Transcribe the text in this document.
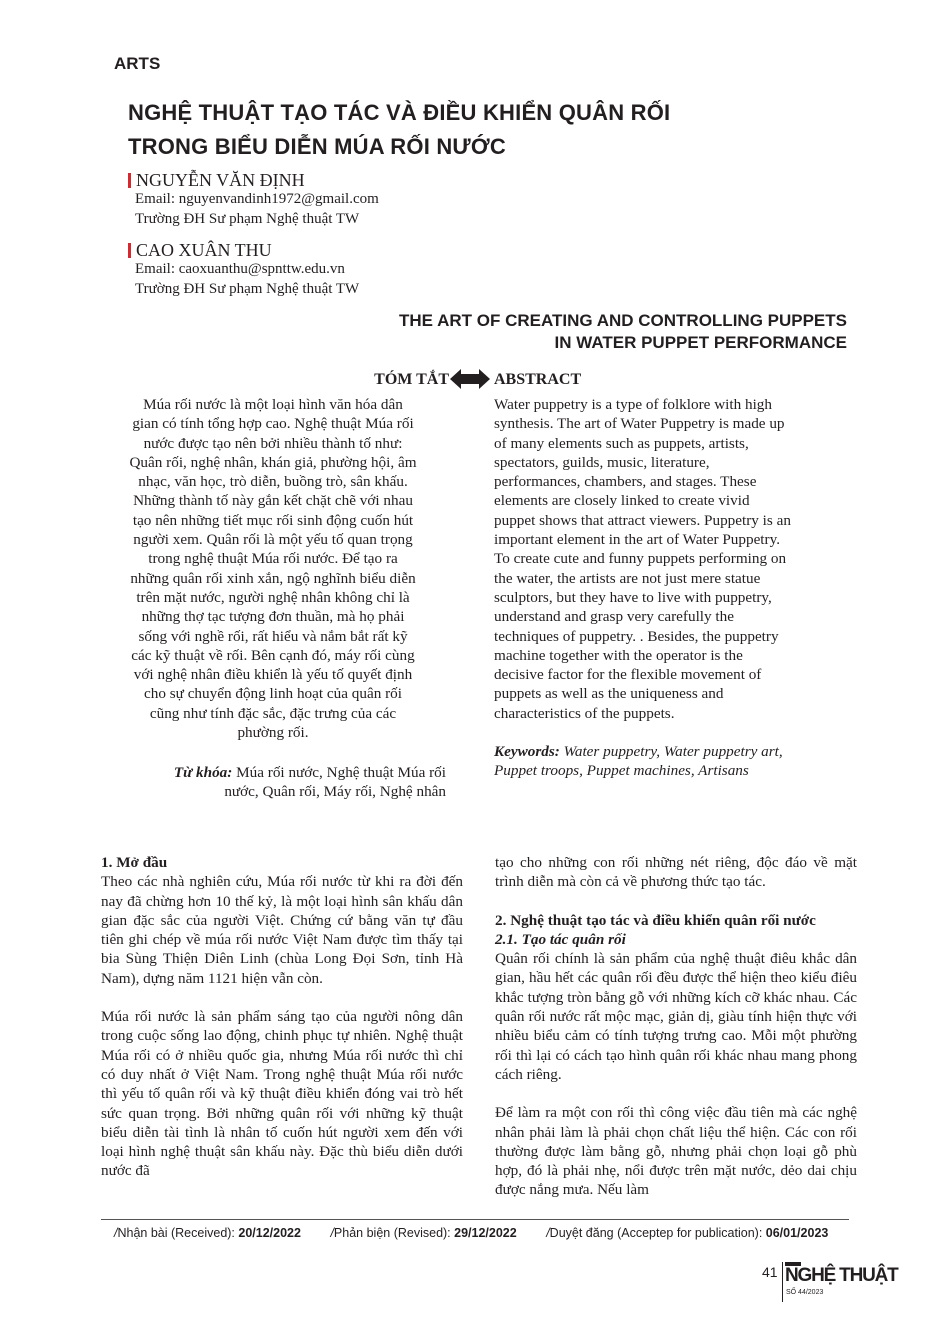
ARTS
NGHỆ THUẬT TẠO TÁC VÀ ĐIỀU KHIỂN QUÂN RỐI
TRONG BIỂU DIỄN MÚA RỐI NƯỚC
NGUYỄN VĂN ĐỊNH
Email: nguyenvandinh1972@gmail.com
Trường ĐH Sư phạm Nghệ thuật TW
CAO XUÂN THU
Email: caoxuanthu@spnttw.edu.vn
Trường ĐH Sư phạm Nghệ thuật TW
THE ART OF CREATING AND CONTROLLING PUPPETS
IN WATER PUPPET PERFORMANCE
TÓM TẮT	ABSTRACT
Múa rối nước là một loại hình văn hóa dân
gian có tính tổng hợp cao. Nghệ thuật Múa rối
nước được tạo nên bởi nhiều thành tố như:
Quân rối, nghệ nhân, khán giả, phường hội, âm
nhạc, văn học, trò diễn, buồng trò, sân khấu.
Những thành tố này gắn kết chặt chẽ với nhau
tạo nên những tiết mục rối sinh động cuốn hút
người xem. Quân rối là một yếu tố quan trọng
trong nghệ thuật Múa rối nước. Để tạo ra
những quân rối xinh xắn, ngộ nghĩnh biểu diễn
trên mặt nước, người nghệ nhân không chỉ là
những thợ tạc tượng đơn thuần, mà họ phải
sống với nghề rối, rất hiểu và nắm bắt rất kỹ
các kỹ thuật về rối. Bên cạnh đó, máy rối cùng
với nghệ nhân điều khiển là yếu tố quyết định
cho sự chuyển động linh hoạt của quân rối
cũng như tính đặc sắc, đặc trưng của các
phường rối.
Từ khóa: Múa rối nước, Nghệ thuật Múa rối
nước, Quân rối, Máy rối, Nghệ nhân
Water puppetry is a type of folklore with high
synthesis. The art of Water Puppetry is made up
of many elements such as puppets, artists,
spectators, guilds, music, literature,
performances, chambers, and stages. These
elements are closely linked to create vivid
puppet shows that attract viewers. Puppetry is an
important element in the art of Water Puppetry.
To create cute and funny puppets performing on
the water, the artists are not just mere statue
sculptors, but they have to live with puppetry,
understand and grasp very carefully the
techniques of puppetry. . Besides, the puppetry
machine together with the operator is the
decisive factor for the flexible movement of
puppets as well as the uniqueness and
characteristics of the puppets.
Keywords: Water puppetry, Water puppetry art,
Puppet troops, Puppet machines, Artisans

1. Mở đầu

Theo các nhà nghiên cứu, Múa rối nước từ khi ra đời đến nay đã chừng hơn 10 thế kỷ, là một loại hình sân khấu dân gian đặc sắc của người Việt. Chứng cứ bằng văn tự đầu tiên ghi chép về múa rối nước Việt Nam được tìm thấy tại bia Sùng Thiện Diên Linh (chùa Long Đọi Sơn, tỉnh Hà Nam), dựng năm 1121 hiện vẫn còn.

Múa rối nước là sản phẩm sáng tạo của người nông dân trong cuộc sống lao động, chinh phục tự nhiên. Nghệ thuật Múa rối có ở nhiều quốc gia, nhưng Múa rối nước thì chỉ có duy nhất ở Việt Nam. Trong nghệ thuật Múa rối nước thì yếu tố quân rối và kỹ thuật điều khiển đóng vai trò hết sức quan trọng. Bởi những quân rối với những kỹ thuật biểu diễn tài tình là nhân tố cuốn hút người xem đến với loại hình nghệ thuật sân khấu này. Đặc thù biểu diễn dưới nước đã

tạo cho những con rối những nét riêng, độc đáo về mặt trình diễn mà còn cả về phương thức tạo tác.

2. Nghệ thuật tạo tác và điều khiển quân rối nước

2.1. Tạo tác quân rối

Quân rối chính là sản phẩm của nghệ thuật điêu khắc dân gian, hầu hết các quân rối đều được thể hiện theo kiểu điêu khắc tượng tròn bằng gỗ với những kích cỡ khác nhau. Các quân rối nước rất mộc mạc, giản dị, giàu tính hiện thực với nhiều biểu cảm có tính tượng trưng cao. Mỗi một phường rối thì lại có cách tạo hình quân rối khác nhau mang phong cách riêng.

Để làm ra một con rối thì công việc đầu tiên mà các nghệ nhân phải làm là phải chọn chất liệu thể hiện. Các con rối thường được làm bằng gỗ, nhưng phải chọn loại gỗ phù hợp, đó là phải nhẹ, nổi được trên mặt nước, dẻo dai chịu được nắng mưa. Nếu làm

/Nhận bài (Received): 20/12/2022 /Phản biện (Revised): 29/12/2022 /Duyệt đăng (Acceptep for publication): 06/01/2023
41 NGHỆ THUẬT
SỐ 44/2023
